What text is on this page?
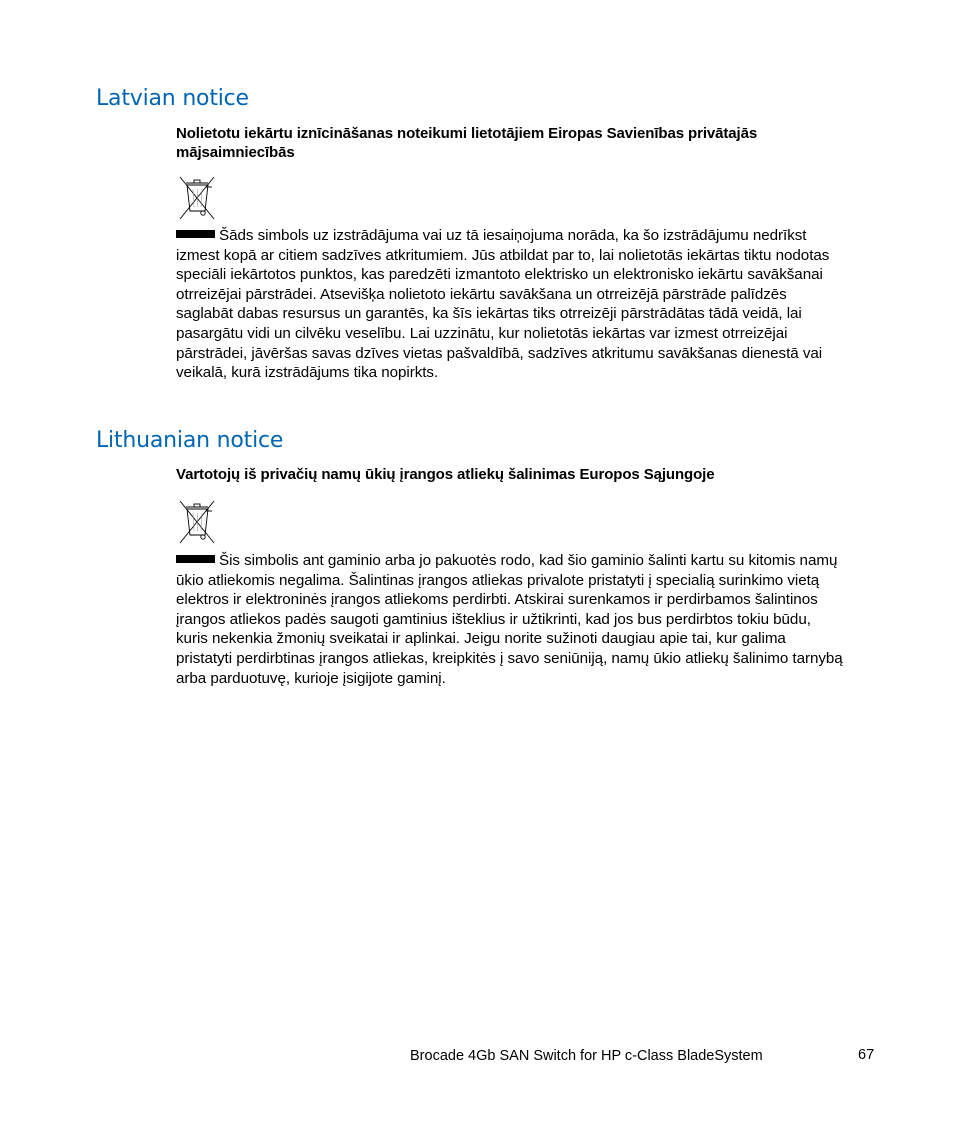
Latvian notice

Nolietotu iekārtu iznīcināšanas noteikumi lietotājiem Eiropas Savienības privātajās mājsaimniecībās

Šāds simbols uz izstrādājuma vai uz tā iesaiņojuma norāda, ka šo izstrādājumu nedrīkst izmest kopā ar citiem sadzīves atkritumiem. Jūs atbildat par to, lai nolietotās iekārtas tiktu nodotas speciāli iekārtotos punktos, kas paredzēti izmantoto elektrisko un elektronisko iekārtu savākšanai otrreizējai pārstrādei. Atsevišķa nolietoto iekārtu savākšana un otrreizējā pārstrāde palīdzēs saglabāt dabas resursus un garantēs, ka šīs iekārtas tiks otrreizēji pārstrādātas tādā veidā, lai pasargātu vidi un cilvēku veselību. Lai uzzinātu, kur nolietotās iekārtas var izmest otrreizējai pārstrādei, jāvēršas savas dzīves vietas pašvaldībā, sadzīves atkritumu savākšanas dienestā vai veikalā, kurā izstrādājums tika nopirkts.

Lithuanian notice

Vartotojų iš privačių namų ūkių įrangos atliekų šalinimas Europos Sąjungoje

Šis simbolis ant gaminio arba jo pakuotės rodo, kad šio gaminio šalinti kartu su kitomis namų ūkio atliekomis negalima. Šalintinas įrangos atliekas privalote pristatyti į specialią surinkimo vietą elektros ir elektroninės įrangos atliekoms perdirbti. Atskirai surenkamos ir perdirbamos šalintinos įrangos atliekos padės saugoti gamtinius išteklius ir užtikrinti, kad jos bus perdirbtos tokiu būdu, kuris nekenkia žmonių sveikatai ir aplinkai. Jeigu norite sužinoti daugiau apie tai, kur galima pristatyti perdirbtinas įrangos atliekas, kreipkitės į savo seniūniją, namų ūkio atliekų šalinimo tarnybą arba parduotuvę, kurioje įsigijote gaminį.

Brocade 4Gb SAN Switch for HP c-Class BladeSystem	67
